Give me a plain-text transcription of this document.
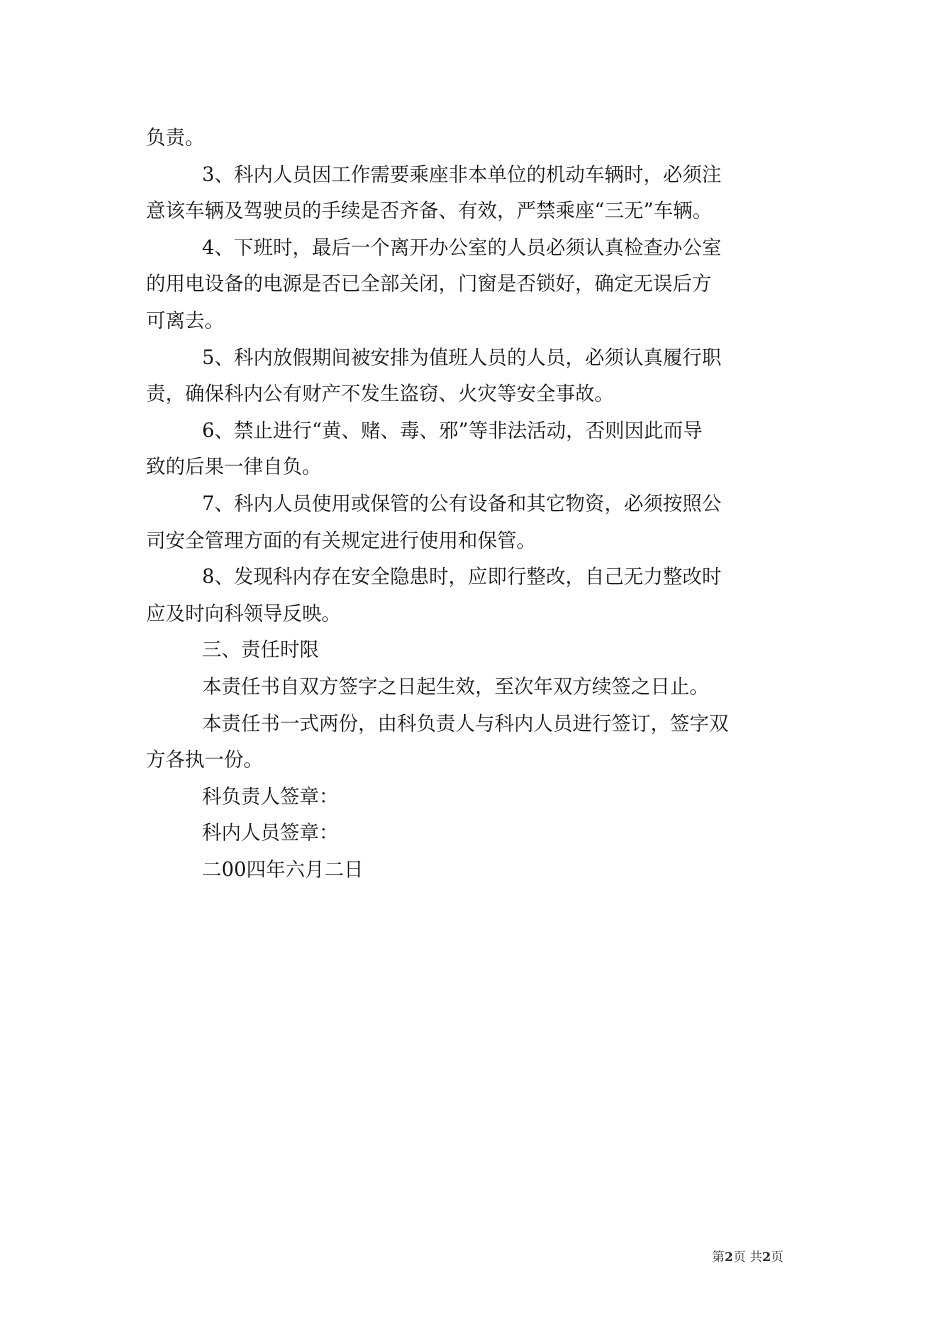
负责。
3、科内人员因工作需要乘座非本单位的机动车辆时，必须注
意该车辆及驾驶员的手续是否齐备、有效，严禁乘座“三无”车辆。
4、下班时，最后一个离开办公室的人员必须认真检查办公室
的用电设备的电源是否已全部关闭，门窗是否锁好，确定无误后方
可离去。
5、科内放假期间被安排为值班人员的人员，必须认真履行职
责，确保科内公有财产不发生盗窃、火灾等安全事故。
6、禁止进行“黄、赌、毒、邪”等非法活动，否则因此而导
致的后果一律自负。
7、科内人员使用或保管的公有设备和其它物资，必须按照公
司安全管理方面的有关规定进行使用和保管。
8、发现科内存在安全隐患时，应即行整改，自己无力整改时
应及时向科领导反映。
三、责任时限
本责任书自双方签字之日起生效，至次年双方续签之日止。
本责任书一式两份，由科负责人与科内人员进行签订，签字双
方各执一份。
科负责人签章：
科内人员签章：
二00四年六月二日
第2页 共2页
